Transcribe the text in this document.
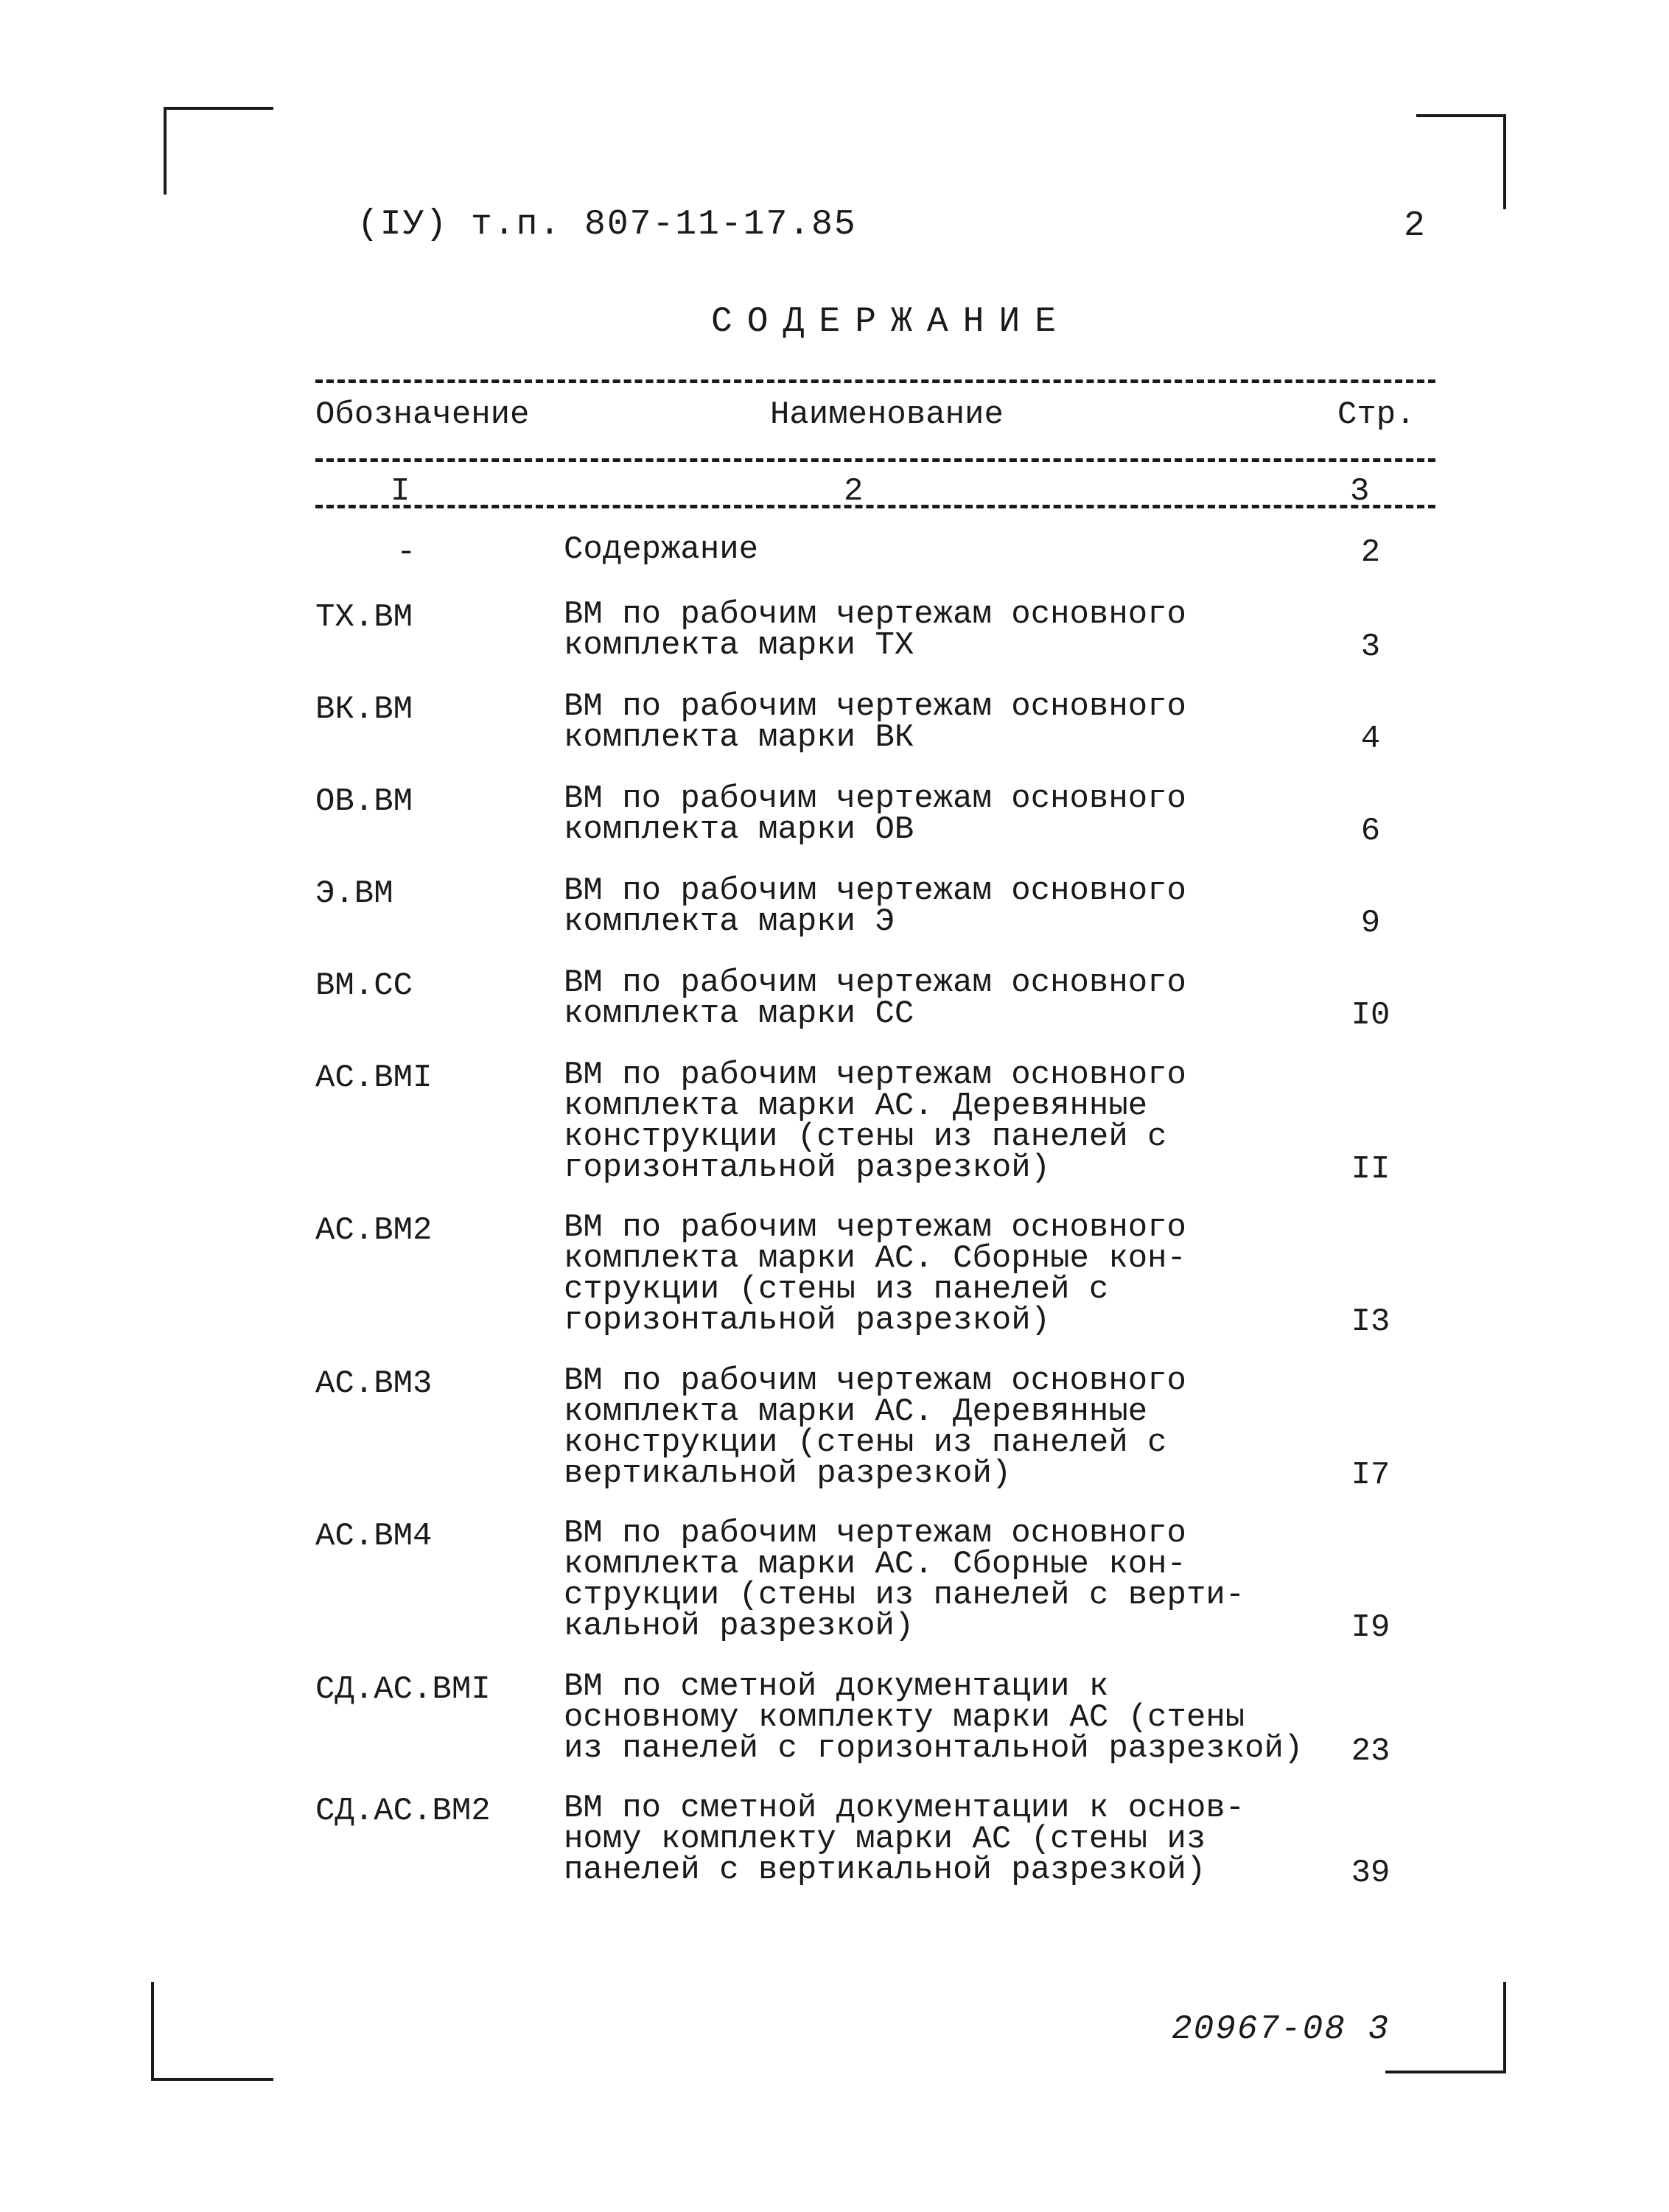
(IУ) т.п. 807-11-17.85	2
СОДЕРЖАНИЕ
Обозначение	Наименование	Стр.
I	2	3
-	Содержание	2
ТХ.ВМ	ВМ по рабочим чертежам основного
комплекта марки ТХ	3
ВК.ВМ	ВМ по рабочим чертежам основного
комплекта марки ВК	4
ОВ.ВМ	ВМ по рабочим чертежам основного
комплекта марки ОВ	6
Э.ВМ	ВМ по рабочим чертежам основного
комплекта марки Э	9
ВМ.СС	ВМ по рабочим чертежам основного
комплекта марки СС	I0
АС.ВМI	ВМ по рабочим чертежам основного
комплекта марки АС. Деревянные
конструкции (стены из панелей с
горизонтальной разрезкой)	II
АС.ВМ2	ВМ по рабочим чертежам основного
комплекта марки АС. Сборные кон-
струкции (стены из панелей с
горизонтальной разрезкой)	I3
АС.ВМ3	ВМ по рабочим чертежам основного
комплекта марки АС. Деревянные
конструкции (стены из панелей с
вертикальной разрезкой)	I7
АС.ВМ4	ВМ по рабочим чертежам основного
комплекта марки АС. Сборные кон-
струкции (стены из панелей с верти-
кальной разрезкой)	I9
СД.АС.ВМI ВМ по сметной документации к
основному комплекту марки АС (стены
из панелей с горизонтальной разрезкой)	23
СД.АС.ВМ2 ВМ по сметной документации к основ-
ному комплекту марки АС (стены из
панелей с вертикальной разрезкой)	39
20967-08 3
